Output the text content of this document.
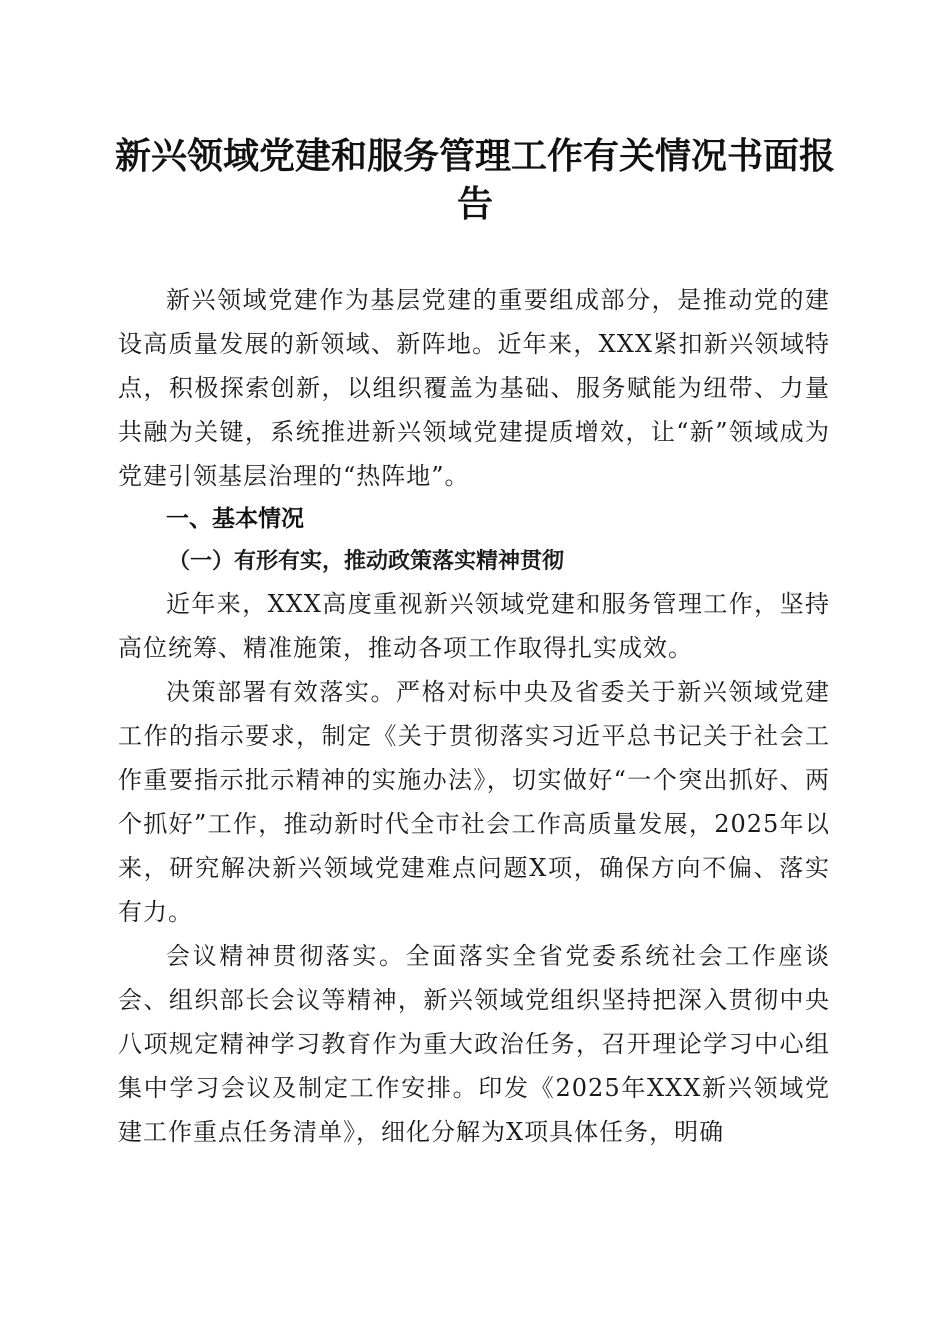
新兴领域党建和服务管理工作有关情况书面报告

新兴领域党建作为基层党建的重要组成部分，是推动党的建设高质量发展的新领域、新阵地。近年来，XXX紧扣新兴领域特点，积极探索创新，以组织覆盖为基础、服务赋能为纽带、力量共融为关键，系统推进新兴领域党建提质增效，让“新”领域成为党建引领基层治理的“热阵地”。

一、基本情况

（一）有形有实，推动政策落实精神贯彻

近年来，XXX高度重视新兴领域党建和服务管理工作，坚持高位统筹、精准施策，推动各项工作取得扎实成效。

决策部署有效落实。严格对标中央及省委关于新兴领域党建工作的指示要求，制定《关于贯彻落实习近平总书记关于社会工作重要指示批示精神的实施办法》，切实做好“一个突出抓好、两个抓好”工作，推动新时代全市社会工作高质量发展，2025年以来，研究解决新兴领域党建难点问题X项，确保方向不偏、落实有力。

会议精神贯彻落实。全面落实全省党委系统社会工作座谈会、组织部长会议等精神，新兴领域党组织坚持把深入贯彻中央八项规定精神学习教育作为重大政治任务，召开理论学习中心组集中学习会议及制定工作安排。印发《2025年XXX新兴领域党建工作重点任务清单》，细化分解为X项具体任务，明确
